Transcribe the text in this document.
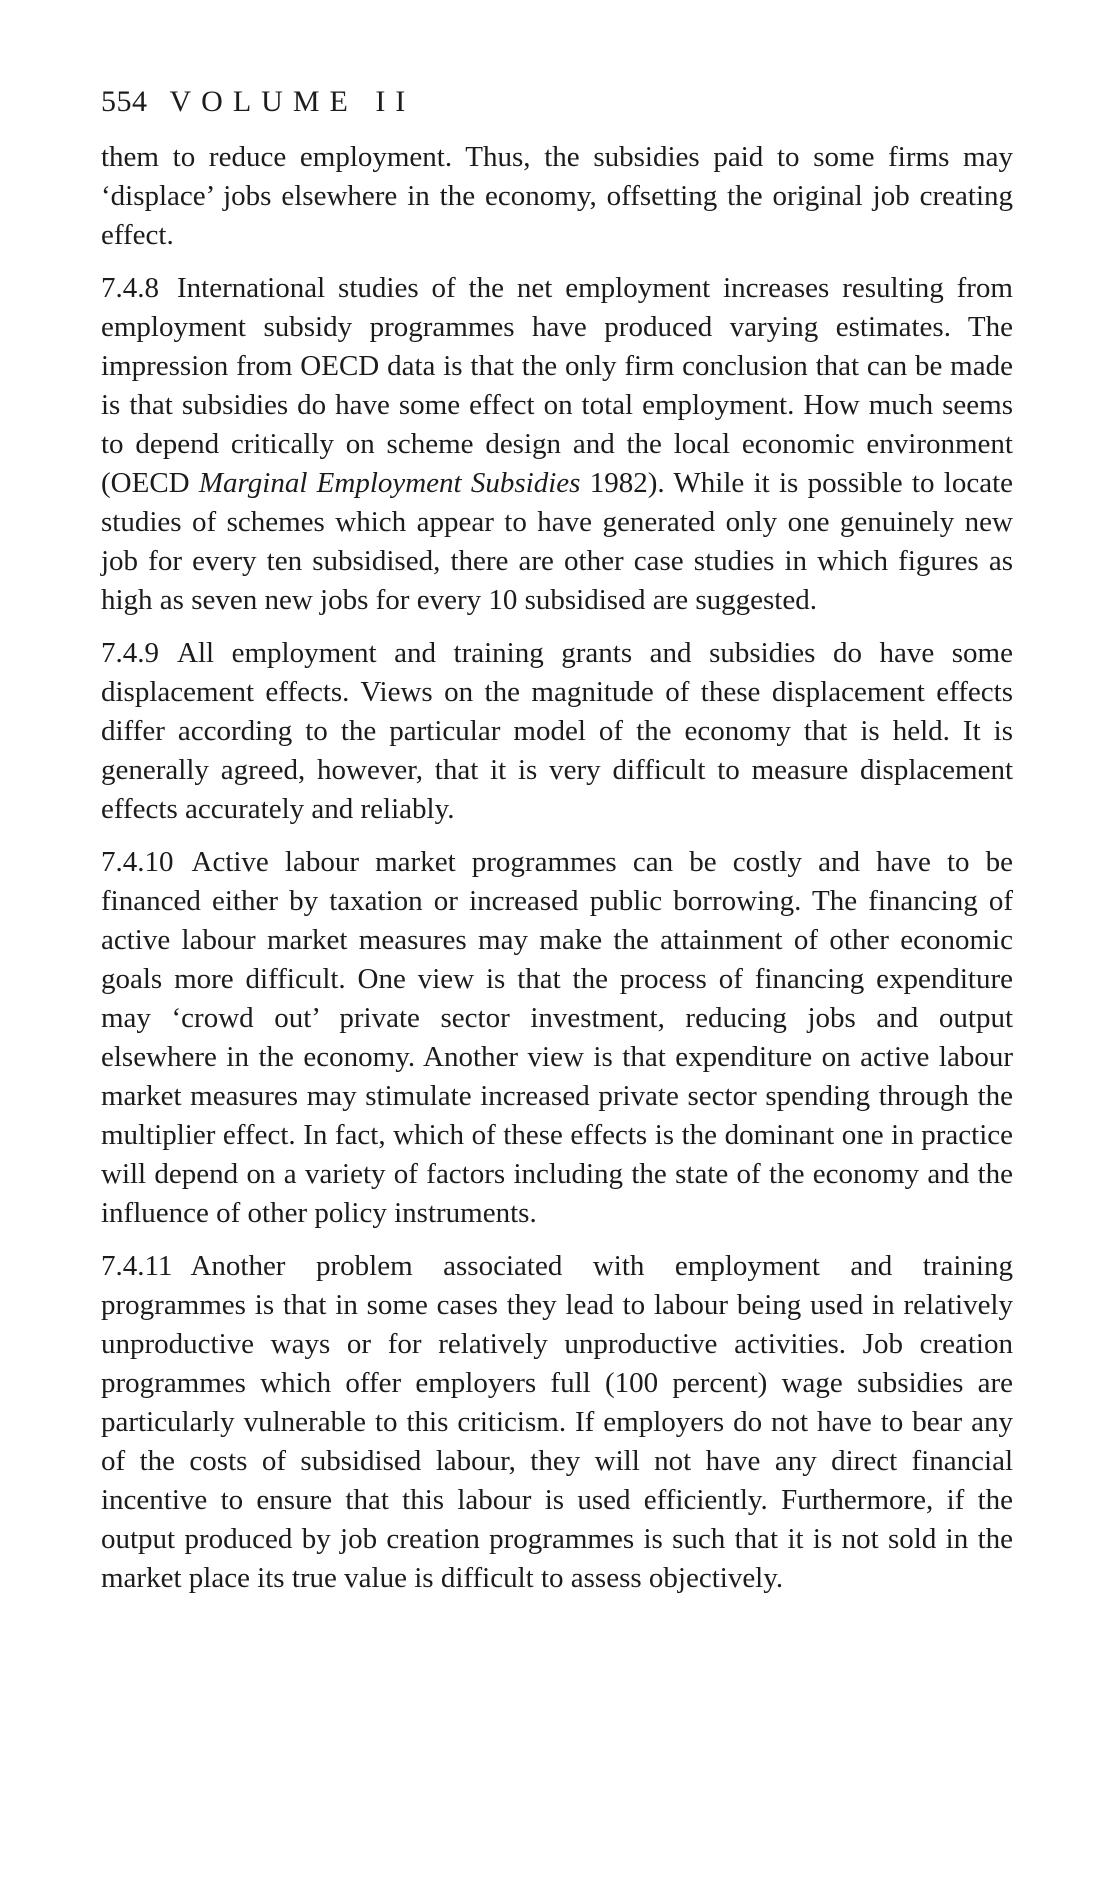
554 VOLUME II

them to reduce employment. Thus, the subsidies paid to some firms may ‘displace’ jobs elsewhere in the economy, offsetting the original job creating effect.

7.4.8 International studies of the net employment increases resulting from employment subsidy programmes have produced varying estimates. The impression from OECD data is that the only firm conclusion that can be made is that subsidies do have some effect on total employment. How much seems to depend critically on scheme design and the local economic environment (OECD Marginal Employment Subsidies 1982). While it is possible to locate studies of schemes which appear to have generated only one genuinely new job for every ten subsidised, there are other case studies in which figures as high as seven new jobs for every 10 subsidised are suggested.

7.4.9 All employment and training grants and subsidies do have some displacement effects. Views on the magnitude of these displacement effects differ according to the particular model of the economy that is held. It is generally agreed, however, that it is very difficult to measure displacement effects accurately and reliably.

7.4.10 Active labour market programmes can be costly and have to be financed either by taxation or increased public borrowing. The financing of active labour market measures may make the attainment of other economic goals more difficult. One view is that the process of financing expenditure may ‘crowd out’ private sector investment, reducing jobs and output elsewhere in the economy. Another view is that expenditure on active labour market measures may stimulate increased private sector spending through the multiplier effect. In fact, which of these effects is the dominant one in practice will depend on a variety of factors including the state of the economy and the influence of other policy instruments.

7.4.11 Another problem associated with employment and training programmes is that in some cases they lead to labour being used in relatively unproductive ways or for relatively unproductive activities. Job creation programmes which offer employers full (100 percent) wage subsidies are particularly vulnerable to this criticism. If employers do not have to bear any of the costs of subsidised labour, they will not have any direct financial incentive to ensure that this labour is used efficiently. Furthermore, if the output produced by job creation programmes is such that it is not sold in the market place its true value is difficult to assess objectively.
